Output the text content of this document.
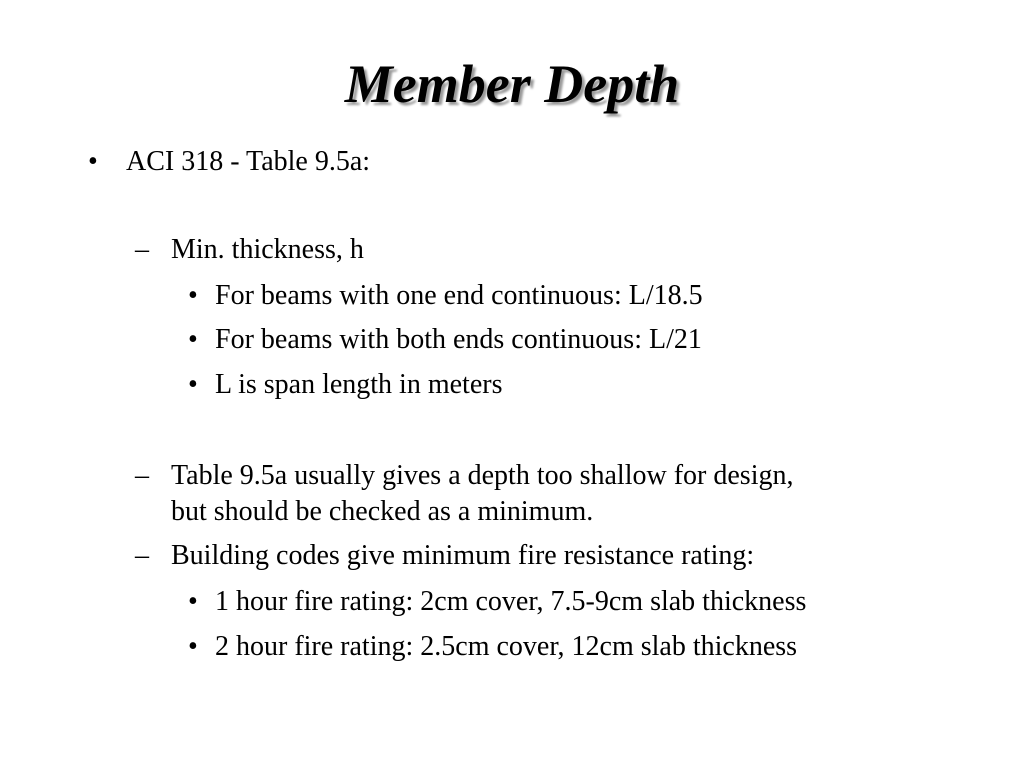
Member Depth
• ACI 318 - Table 9.5a:
– Min. thickness, h
• For beams with one end continuous: L/18.5
• For beams with both ends continuous: L/21
• L is span length in meters
– Table 9.5a usually gives a depth too shallow for design,
but should be checked as a minimum.
– Building codes give minimum fire resistance rating:
• 1 hour fire rating: 2cm cover, 7.5-9cm slab thickness
• 2 hour fire rating: 2.5cm cover, 12cm slab thickness
